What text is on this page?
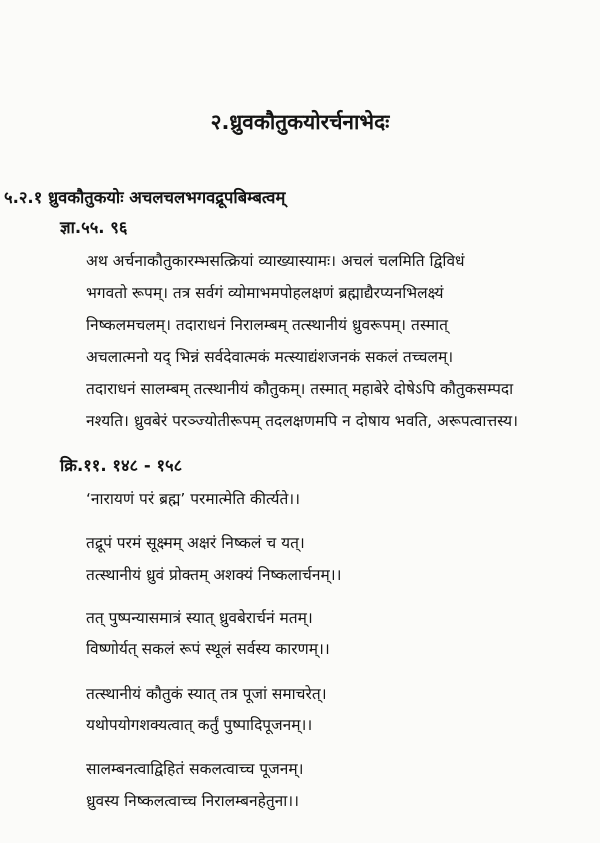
२.ध्रुवकौतुकयोरर्चनाभेदः
५.२.१ ध्रुवकौतुकयोः अचलचलभगवद्रूपबिम्बत्वम्
ज्ञा.५५. ९६
अथ अर्चनाकौतुकारम्भसत्क्रियां व्याख्यास्यामः। अचलं चलमिति द्विविधं
भगवतो रूपम्। तत्र सर्वगं व्योमाभमपोहलक्षणं ब्रह्माद्यैरप्यनभिलक्ष्यं
निष्कलमचलम्। तदाराधनं निरालम्बम् तत्स्थानीयं ध्रुवरूपम्। तस्मात्
अचलात्मनो यद् भिन्नं सर्वदेवात्मकं मत्स्याद्यंशजनकं सकलं तच्चलम्।
तदाराधनं सालम्बम् तत्स्थानीयं कौतुकम्। तस्मात् महाबेरे दोषेऽपि कौतुकसम्पदा
नश्यति। ध्रुवबेरं परञ्ज्योतीरूपम् तदलक्षणमपि न दोषाय भवति, अरूपत्वात्तस्य।
क्रि.११. १४८ - १५८
‘नारायणं परं ब्रह्म’ परमात्मेति कीर्त्यते।।
तद्रूपं परमं सूक्ष्मम् अक्षरं निष्कलं च यत्।
तत्स्थानीयं ध्रुवं प्रोक्तम् अशक्यं निष्कलार्चनम्।।
तत् पुष्पन्यासमात्रं स्यात् ध्रुवबेरार्चनं मतम्।
विष्णोर्यत् सकलं रूपं स्थूलं सर्वस्य कारणम्।।
तत्स्थानीयं कौतुकं स्यात् तत्र पूजां समाचरेत्।
यथोपयोगशक्यत्वात् कर्तुं पुष्पादिपूजनम्।।
सालम्बनत्वाद्विहितं सकलत्वाच्च पूजनम्।
ध्रुवस्य निष्कलत्वाच्च निरालम्बनहेतुना।।
